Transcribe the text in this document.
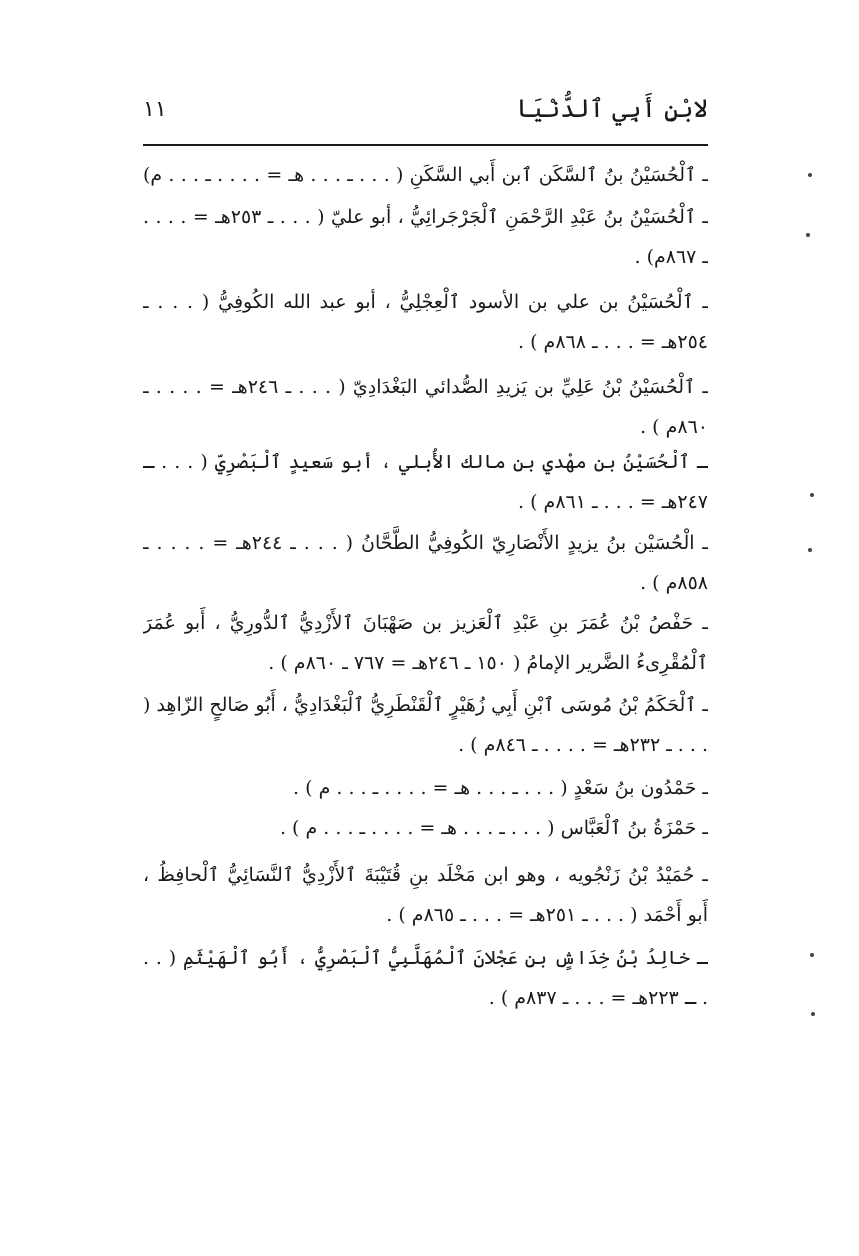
لابْنِ أَبِي ٱلدُّنْيَا
١١
ـ ٱلْحُسَيْنُ بنُ ٱلسَّكَن ٱبن أَبي السَّكَنِ ( . . . ـ . . . هـ = . . . . ـ . . . م)
ـ ٱلْحُسَيْنُ بنُ عَبْدِ الرَّحْمَنِ ٱلْجَرْجَرائِيُّ ، أبو عليّ ( . . . ـ ٢٥٣هـ = . . . . ـ ٨٦٧م) .
ـ ٱلْحُسَيْنُ بن علي بن الأسود ٱلْعِجْلِيُّ ، أبو عبد الله الكُوفِيُّ ( . . . ـ ٢٥٤هـ = . . . ـ ٨٦٨م ) .
ـ ٱلْحُسَيْنُ بْنُ عَلِيِّ بن يَزيدِ الصُّدائي البَغْدَادِيّ ( . . . ـ ٢٤٦هـ = . . . . ـ ٨٦٠م ) .
ـ ٱلْحُسَيْنُ بن مهْدي بن مالك الأُبلي ، أبو سَعيدٍ ٱلْبَصْرِيّ ( . . . ـ ٢٤٧هـ = . . . ـ ٨٦١م ) .
ـ الْحُسَيْن بنُ يزيدٍ الأَنْصَارِيّ الكُوفِيُّ الطَّحَّانُ ( . . . ـ ٢٤٤هـ = . . . . ـ ٨٥٨م ) .
ـ حَفْصُ بْنُ عُمَرَ بنِ عَبْدِ ٱلْعَزيز بن صَهْبَانَ ٱلأَزْدِيُّ ٱلدُّورِيُّ ، أَبو عُمَرَ ٱلْمُقْرِىءُ الضَّرير الإمامُ ( ١٥٠ ـ ٢٤٦هـ = ٧٦٧ ـ ٨٦٠م ) .
ـ ٱلْحَكَمُ بْنُ مُوسَى ٱبْنِ أَبِي زُهَيْرٍ ٱلْقَنْطَرِيُّ ٱلْبَغْدَادِيُّ ، أَبُو صَالحٍ الزّاهِد ( . . . ـ ٢٣٢هـ = . . . . ـ ٨٤٦م ) .
ـ حَمْدُون بنُ سَعْدٍ ( . . . ـ . . . هـ = . . . . ـ . . . م ) .
ـ حَمْزَةُ بنُ ٱلْعَبَّاس ( . . . ـ . . . هـ = . . . . ـ . . . م ) .
ـ حُمَيْدُ بْنُ زَنْجُويه ، وهو ابن مَخْلَد بنِ قُتَيْبَةَ ٱلأَزْدِيُّ ٱلنَّسَائِيُّ ٱلْحافِظُ ، أَبو أَحْمَد ( . . . ـ ٢٥١هـ = . . . ـ ٨٦٥م ) .
ـ خالِدُ بْنُ خِدَاشٍ بنِ عَجْلانَ ٱلْمُهَلَّبِيُّ ٱلْبَصْرِيُّ ، أَبُو ٱلْهَيْثَمِ ( . . . ـ ٢٢٣هـ = . . . ـ ٨٣٧م ) .
